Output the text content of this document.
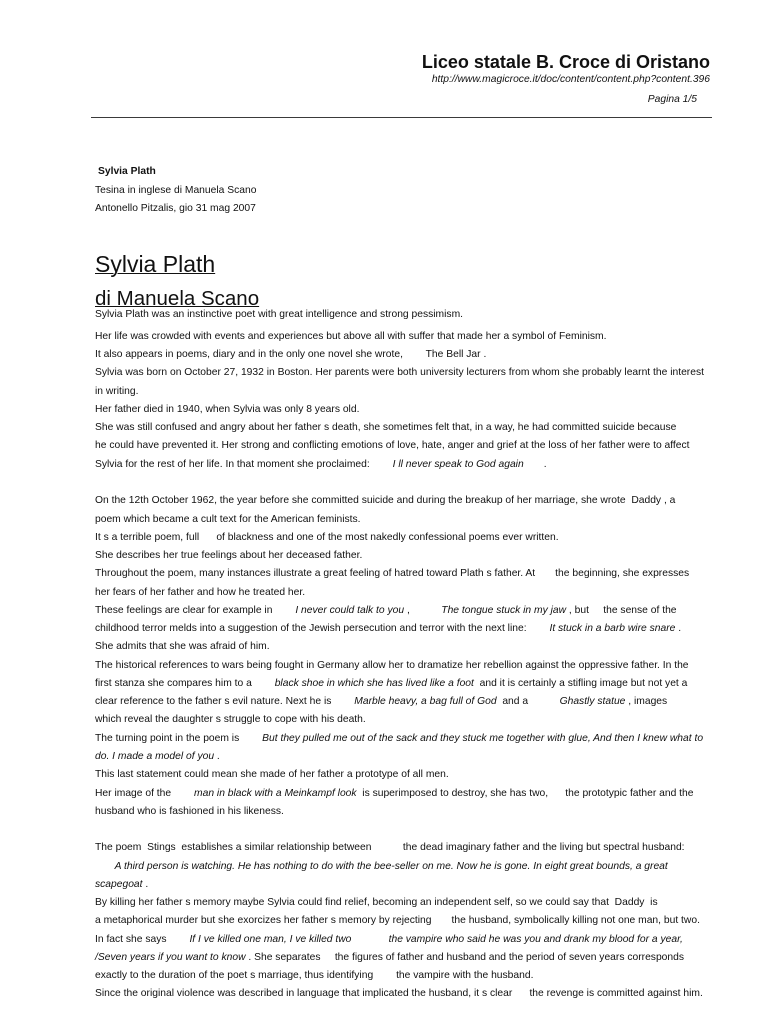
Liceo statale B. Croce di Oristano
http://www.magicroce.it/doc/content/content.php?content.396
Pagina 1/5
Sylvia Plath
Tesina in inglese di Manuela Scano
Antonello Pitzalis, gio 31 mag 2007
Sylvia Plath
di Manuela Scano
Sylvia Plath was an instinctive poet with great intelligence and strong pessimism.
Her life was crowded with events and experiences but above all with suffer that made her a symbol of Feminism.
It also appears in poems, diary and in the only one novel she wrote,        The Bell Jar .
Sylvia was born on October 27, 1932 in Boston. Her parents were both university lecturers from whom she probably learnt the interest
in writing.
Her father died in 1940, when Sylvia was only 8 years old.
She was still confused and angry about her father s death, she sometimes felt that, in a way, he had committed suicide because
he could have prevented it. Her strong and conflicting emotions of love, hate, anger and grief at the loss of her father were to affect
Sylvia for the rest of her life. In that moment she proclaimed:        I ll never speak to God again       .
On the 12th October 1962, the year before she committed suicide and during the breakup of her marriage, she wrote  Daddy , a
poem which became a cult text for the American feminists.
It s a terrible poem, full      of blackness and one of the most nakedly confessional poems ever written.
She describes her true feelings about her deceased father.
Throughout the poem, many instances illustrate a great feeling of hatred toward Plath s father. At       the beginning, she expresses
her fears of her father and how he treated her.
These feelings are clear for example in        I never could talk to you ,           The tongue stuck in my jaw , but     the sense of the
childhood terror melds into a suggestion of the Jewish persecution and terror with the next line:        It stuck in a barb wire snare .
She admits that she was afraid of him.
The historical references to wars being fought in Germany allow her to dramatize her rebellion against the oppressive father. In the
first stanza she compares him to a        black shoe in which she has lived like a foot  and it is certainly a stifling image but not yet a
clear reference to the father s evil nature. Next he is        Marble heavy, a bag full of God  and a           Ghastly statue , images
which reveal the daughter s struggle to cope with his death.
The turning point in the poem is        But they pulled me out of the sack and they stuck me together with glue, And then I knew what to
do. I made a model of you .
This last statement could mean she made of her father a prototype of all men.
Her image of the        man in black with a Meinkampf look  is superimposed to destroy, she has two,      the prototypic father and the
husband who is fashioned in his likeness.
The poem  Stings  establishes a similar relationship between           the dead imaginary father and the living but spectral husband:
A third person is watching. He has nothing to do with the bee-seller on me. Now he is gone. In eight great bounds, a great
scapegoat .
By killing her father s memory maybe Sylvia could find relief, becoming an independent self, so we could say that  Daddy  is
a metaphorical murder but she exorcizes her father s memory by rejecting       the husband, symbolically killing not one man, but two.
In fact she says        If I ve killed one man, I ve killed two	the vampire who said he was you and drank my blood for a year,
/Seven years if you want to know . She separates     the figures of father and husband and the period of seven years corresponds
exactly to the duration of the poet s marriage, thus identifying        the vampire with the husband.
Since the original violence was described in language that implicated the husband, it s clear      the revenge is committed against him.
